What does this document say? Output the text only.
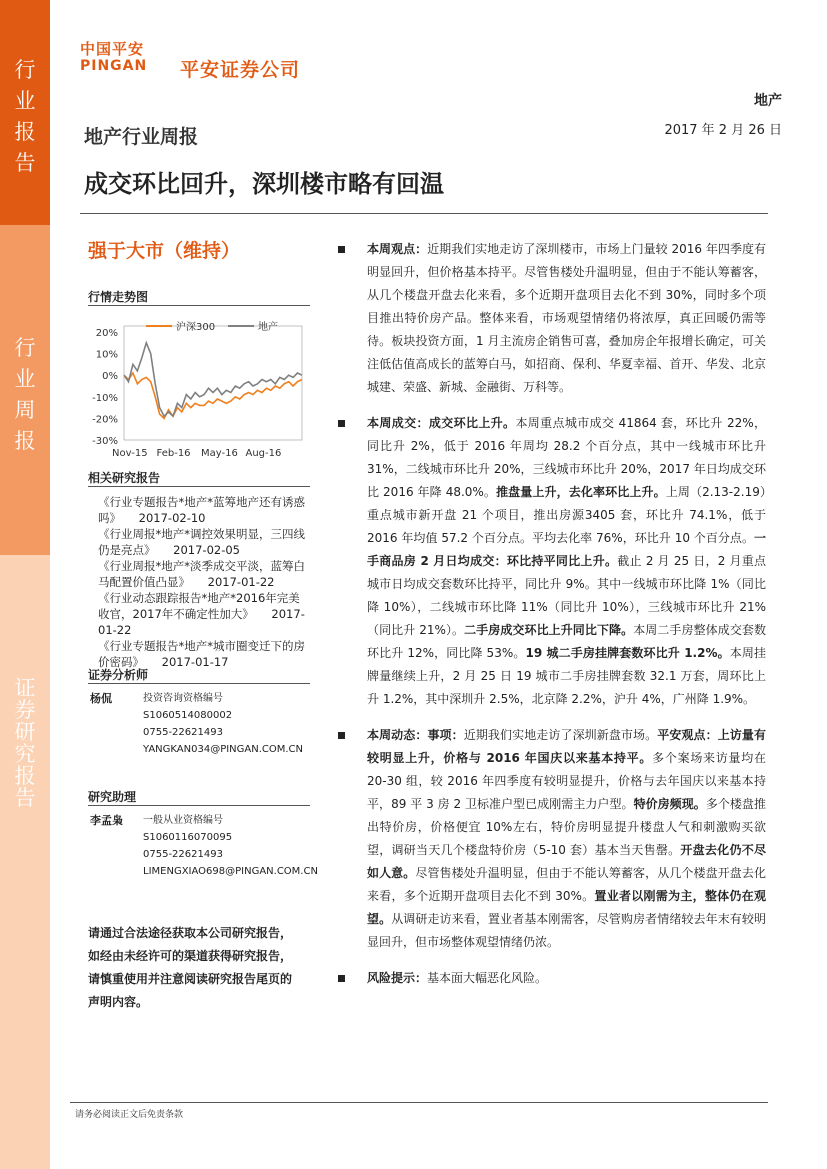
行
业
报
告
行
业
周
报
证
券
研
究
报
告
中国平安
PINGAN 平安证券公司
地产
2017 年 2 月 26 日
地产行业周报
成交环比回升，深圳楼市略有回温
强于大市（维持）
行情走势图
20%
10%
0%
-10%
-20%
-30%
Nov-15 Feb-16 May-16 Aug-16
沪深300	地产
相关研究报告
《行业专题报告*地产*蓝筹地产还有诱惑吗》 2017-02-10
《行业周报*地产*调控效果明显，三四线仍是亮点》 2017-02-05
《行业周报*地产*淡季成交平淡，蓝筹白马配置价值凸显》 2017-01-22
《行业动态跟踪报告*地产*2016年完美收官，2017年不确定性加大》 2017-01-22
《行业专题报告*地产*城市圈变迁下的房价密码》 2017-01-17
证券分析师
杨侃	投资咨询资格编号
S1060514080002
0755-22621493
YANGKAN034@PINGAN.COM.CN
研究助理
李孟枭 一般从业资格编号
S1060116070095
0755-22621493
LIMENGXIAO698@PINGAN.COM.CN
请通过合法途径获取本公司研究报告，如经由未经许可的渠道获得研究报告，请慎重使用并注意阅读研究报告尾页的声明内容。
本周观点：近期我们实地走访了深圳楼市，市场上门量较 2016 年四季度有明显回升，但价格基本持平。尽管售楼处升温明显，但由于不能认筹蓄客，从几个楼盘开盘去化来看，多个近期开盘项目去化不到 30%，同时多个项目推出特价房产品。整体来看，市场观望情绪仍将浓厚，真正回暖仍需等待。板块投资方面，1 月主流房企销售可喜，叠加房企年报增长确定，可关注低估值高成长的蓝筹白马，如招商、保利、华夏幸福、首开、华发、北京城建、荣盛、新城、金融街、万科等。
本周成交：成交环比上升。本周重点城市成交 41864 套，环比升 22%，同比升 2%，低于 2016 年周均 28.2 个百分点，其中一线城市环比升 31%，二线城市环比升 20%，三线城市环比升 20%，2017 年日均成交环比 2016 年降 48.0%。推盘量上升，去化率环比上升。上周（2.13-2.19）重点城市新开盘 21 个项目，推出房源3405 套，环比升 74.1%，低于 2016 年均值 57.2 个百分点。平均去化率 76%，环比升 10 个百分点。一手商品房 2 月日均成交：环比持平同比上升。截止 2 月 25 日，2 月重点城市日均成交套数环比持平，同比升 9%。其中一线城市环比降 1%（同比降 10%），二线城市环比降 11%（同比升 10%），三线城市环比升 21%（同比升 21%）。二手房成交环比上升同比下降。本周二手房整体成交套数环比升 12%，同比降 53%。19 城二手房挂牌套数环比升 1.2%。本周挂牌量继续上升，2 月 25 日 19 城市二手房挂牌套数 32.1 万套，周环比上升 1.2%，其中深圳升 2.5%，北京降 2.2%，沪升 4%，广州降 1.9%。
本周动态：事项：近期我们实地走访了深圳新盘市场。平安观点：上访量有较明显上升，价格与 2016 年国庆以来基本持平。多个案场来访量均在 20-30 组，较 2016 年四季度有较明显提升，价格与去年国庆以来基本持平，89 平 3 房 2 卫标准户型已成刚需主力户型。特价房频现。多个楼盘推出特价房，价格便宜 10%左右，特价房明显提升楼盘人气和刺激购买欲望，调研当天几个楼盘特价房（5-10 套）基本当天售罄。开盘去化仍不尽如人意。尽管售楼处升温明显，但由于不能认筹蓄客，从几个楼盘开盘去化来看，多个近期开盘项目去化不到 30%。置业者以刚需为主，整体仍在观望。从调研走访来看，置业者基本刚需客，尽管购房者情绪较去年末有较明显回升，但市场整体观望情绪仍浓。
风险提示：基本面大幅恶化风险。
请务必阅读正文后免责条款
